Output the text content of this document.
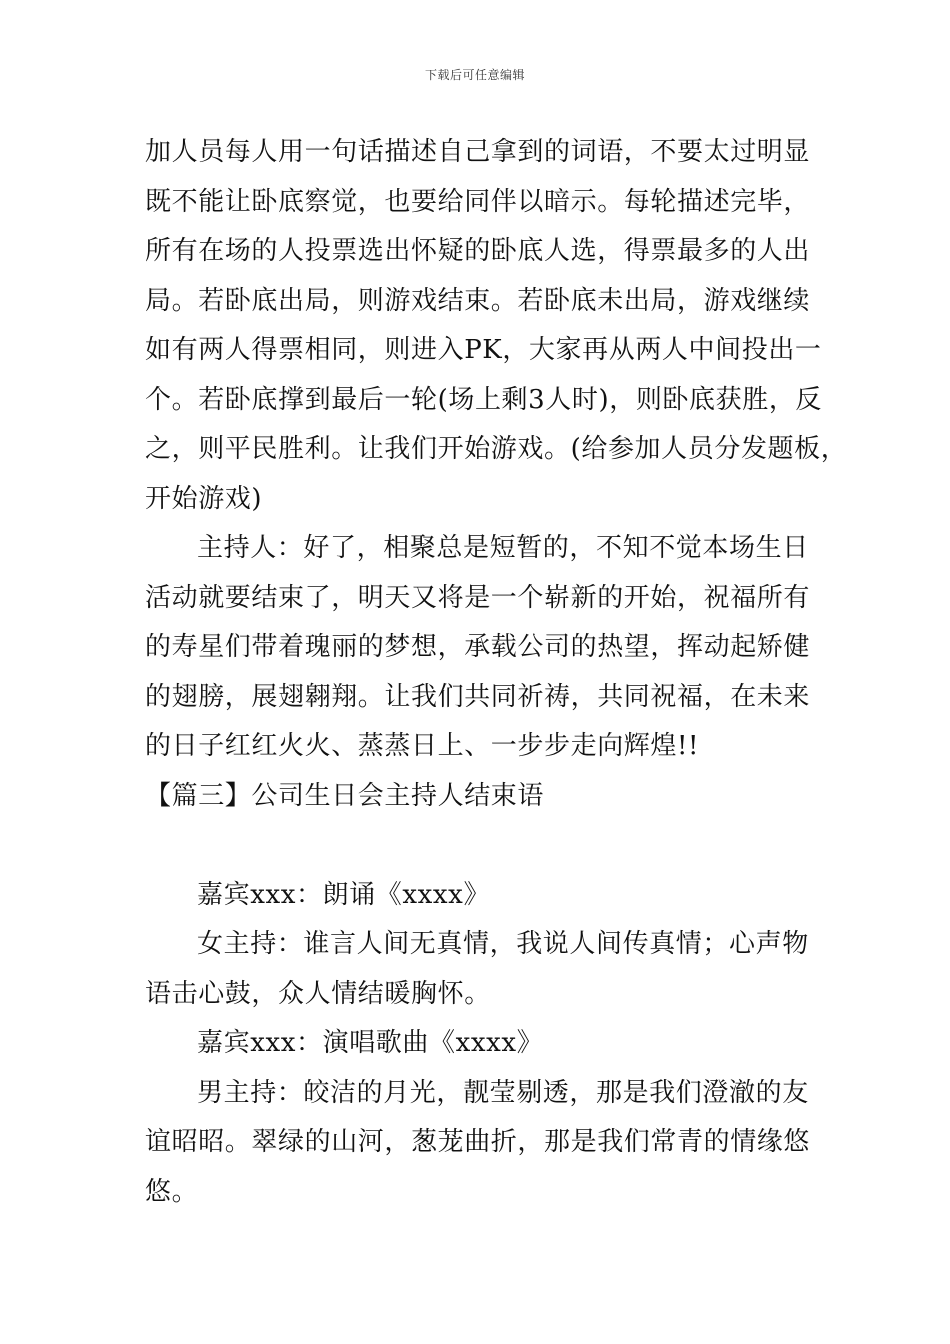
下载后可任意编辑
加人员每人用一句话描述自己拿到的词语，不要太过明显
既不能让卧底察觉，也要给同伴以暗示。每轮描述完毕，
所有在场的人投票选出怀疑的卧底人选，得票最多的人出
局。若卧底出局，则游戏结束。若卧底未出局，游戏继续
如有两人得票相同，则进入PK，大家再从两人中间投出一
个。若卧底撑到最后一轮(场上剩3人时)，则卧底获胜，反
之，则平民胜利。让我们开始游戏。(给参加人员分发题板，
开始游戏)
主持人：好了，相聚总是短暂的，不知不觉本场生日
活动就要结束了，明天又将是一个崭新的开始，祝福所有
的寿星们带着瑰丽的梦想，承载公司的热望，挥动起矫健
的翅膀，展翅翱翔。让我们共同祈祷，共同祝福，在未来
的日子红红火火、蒸蒸日上、一步步走向辉煌!!
【篇三】公司生日会主持人结束语
嘉宾xxx：朗诵《xxxx》
女主持：谁言人间无真情，我说人间传真情；心声物
语击心鼓，众人情结暖胸怀。
嘉宾xxx：演唱歌曲《xxxx》
男主持：皎洁的月光，靓莹剔透，那是我们澄澈的友
谊昭昭。翠绿的山河，葱茏曲折，那是我们常青的情缘悠
悠。
